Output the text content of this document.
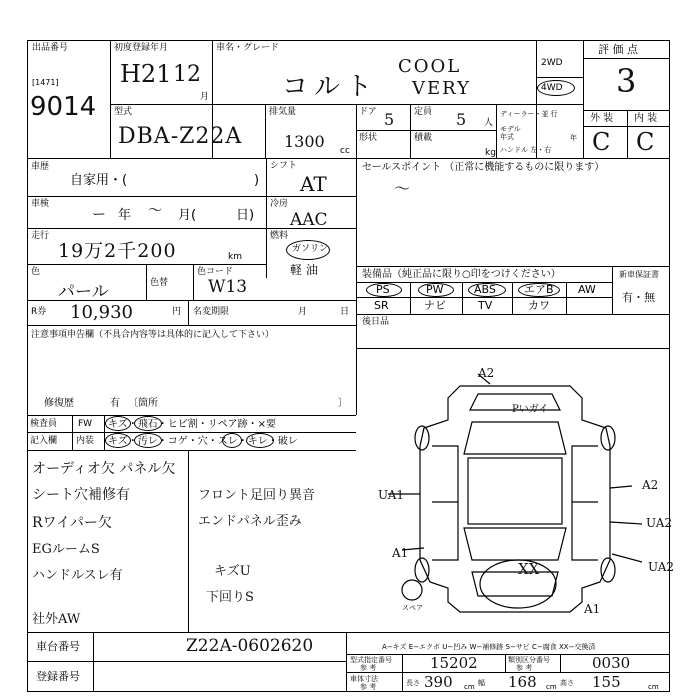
出品番号
[1471]
9014
初度登録年月
H21 12
月
車名・グレード
コルト
COOL
VERY
2WD
4WD
評 価 点
3
外 装 内 装
C C
型式
DBA-Z22A
排気量
1300 cc
ドア 5 定員 5 人
形状	積載
kg
ディーラー・並 行
モデル年式	年
ハンドル 左・右
車歴
自家用・(	)
シフト
AT
車検
ー 年 〜 月(	日)
冷房
AAC
走行
19万2千200	km
燃料
ガソリン
軽 油
色
パール	色替
色コード
W13
R券 10,930	円 名変期限	月	日
セールスポイント （正常に機能するものに限ります）
〜
装備品（純正品に限り○印をつけください）	新車保証書
有・無
PS	PW	ABS	エアB AW
SR	ナビ	TV	カワ
後日品
注意事項申告欄（不具合内容等は具体的に記入して下さい）
修復歴	有 〔箇所	〕
検査員 FW キズ・飛石・ヒビ割・リペア跡・×要
記入欄 内装 キズ・汚レ・コゲ・穴・スレ・キレ・破レ
オーディオ欠 パネル欠
シート穴補修有
Rワイパー欠
EGルームS
ハンドルスレ有
社外AW
フロント足回り異音
エンドパネル歪み
キズU
下回りS
A2
Pいガイ
UA1
A1
A2
UA2
UA2
A1
XX
スペア
車台番号	Z22A-0602620
登録番号
A−キズ E−エクボ U−凹み W−補修跡 S−サビ C−腐食 XX−交換済
型式指定番号
参 考	15202	類別区分番号
参 考	0030
車体寸法
参 考	長さ 390 cm 幅 168 cm 高さ 155	cm
